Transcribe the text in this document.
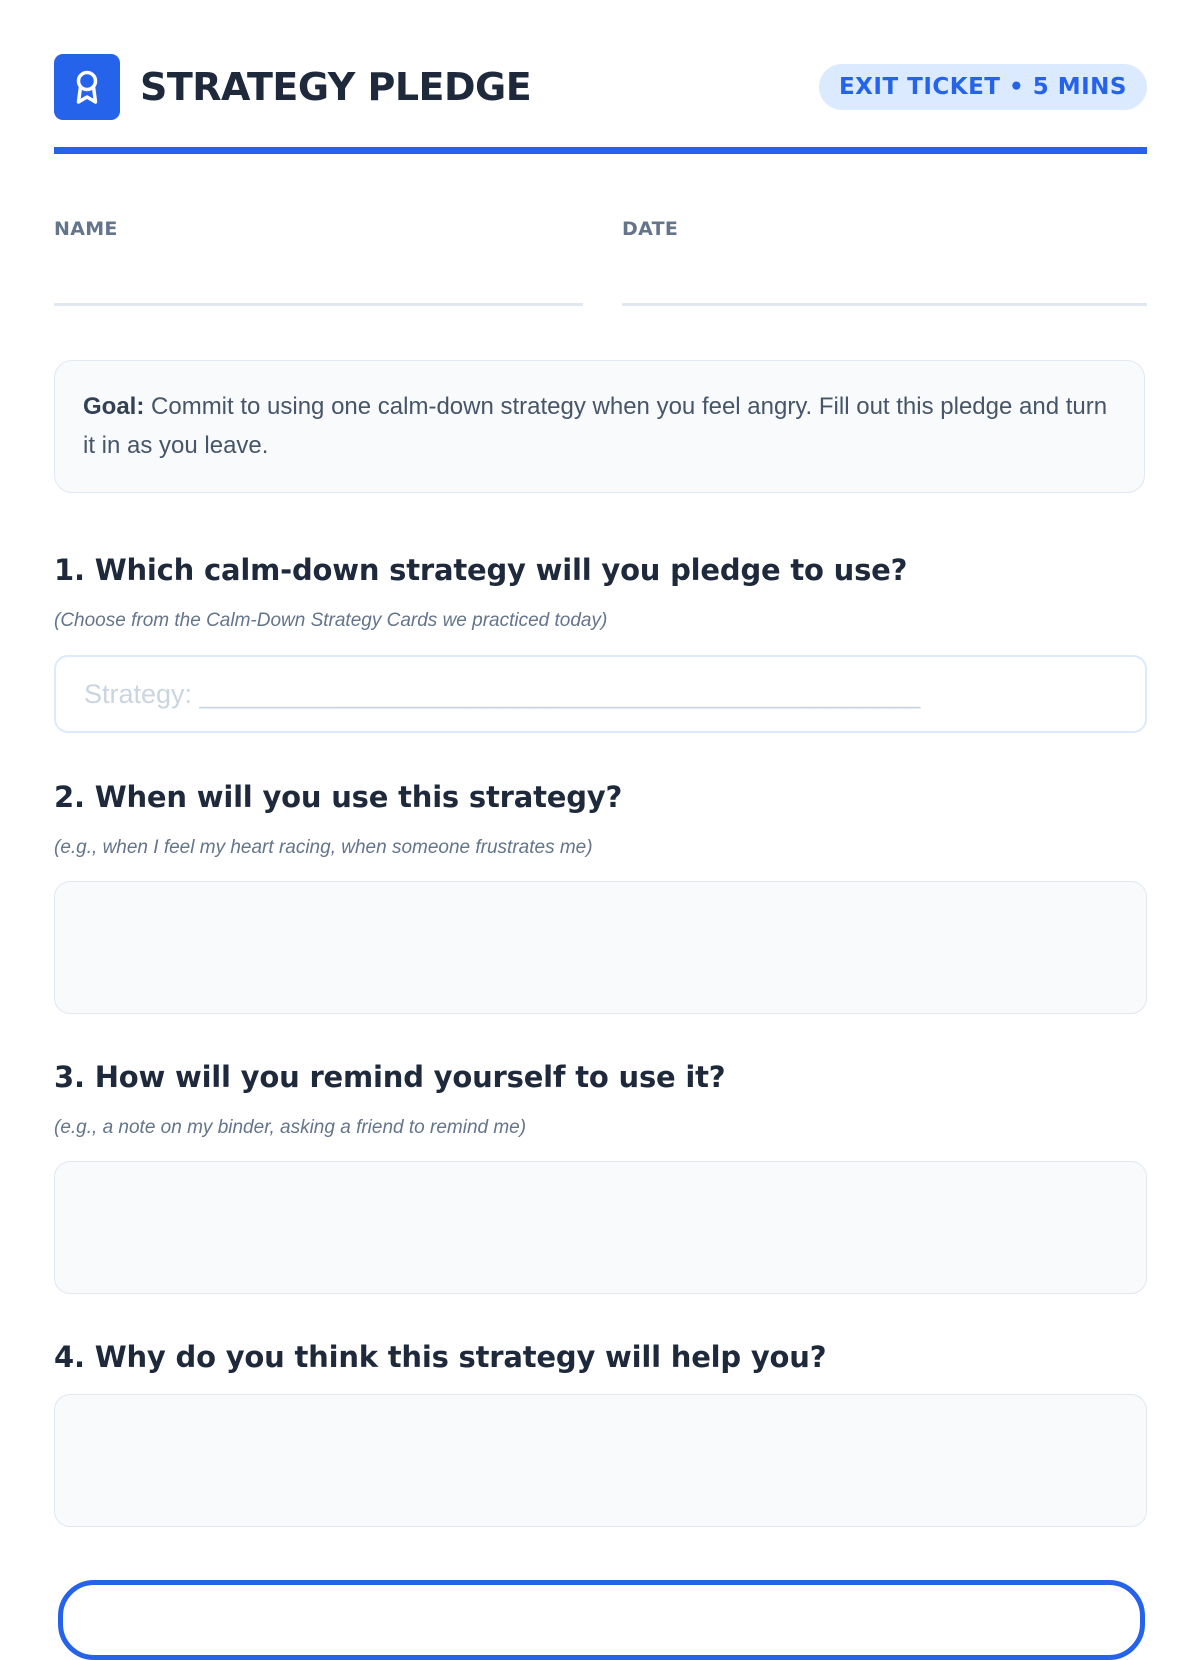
STRATEGY PLEDGE	EXIT TICKET • 5 MINS
NAME	DATE
Goal: Commit to using one calm-down strategy when you feel angry. Fill out this pledge and turn it in as you leave.
1. Which calm-down strategy will you pledge to use?
(Choose from the Calm-Down Strategy Cards we practiced today)
Strategy: ________________________________________________
2. When will you use this strategy?
(e.g., when I feel my heart racing, when someone frustrates me)
3. How will you remind yourself to use it?
(e.g., a note on my binder, asking a friend to remind me)
4. Why do you think this strategy will help you?
